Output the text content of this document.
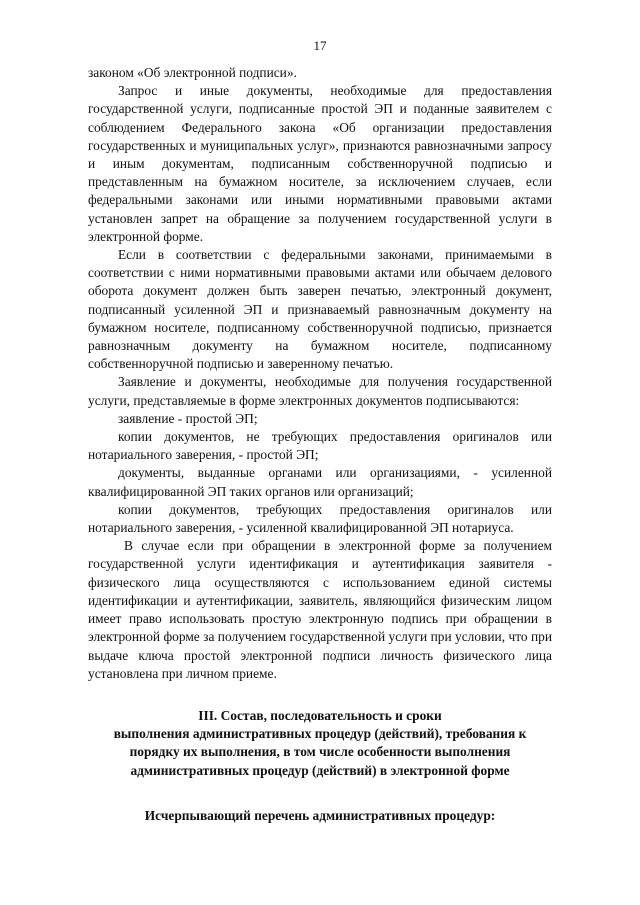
17

законом «Об электронной подписи».

Запрос и иные документы, необходимые для предоставления государственной услуги, подписанные простой ЭП и поданные заявителем с соблюдением Федерального закона «Об организации предоставления государственных и муниципальных услуг», признаются равнозначными запросу и иным документам, подписанным собственноручной подписью и представленным на бумажном носителе, за исключением случаев, если федеральными законами или иными нормативными правовыми актами установлен запрет на обращение за получением государственной услуги в электронной форме.

Если в соответствии с федеральными законами, принимаемыми в соответствии с ними нормативными правовыми актами или обычаем делового оборота документ должен быть заверен печатью, электронный документ, подписанный усиленной ЭП и признаваемый равнозначным документу на бумажном носителе, подписанному собственноручной подписью, признается равнозначным документу на бумажном носителе, подписанному собственноручной подписью и заверенному печатью.

Заявление и документы, необходимые для получения государственной услуги, представляемые в форме электронных документов подписываются:

заявление - простой ЭП;

копии документов, не требующих предоставления оригиналов или нотариального заверения, - простой ЭП;

документы, выданные органами или организациями, - усиленной квалифицированной ЭП таких органов или организаций;

копии документов, требующих предоставления оригиналов или нотариального заверения, - усиленной квалифицированной ЭП нотариуса.

В случае если при обращении в электронной форме за получением государственной услуги идентификация и аутентификация заявителя - физического лица осуществляются с использованием единой системы идентификации и аутентификации, заявитель, являющийся физическим лицом имеет право использовать простую электронную подпись при обращении в электронной форме за получением государственной услуги при условии, что при выдаче ключа простой электронной подписи личность физического лица установлена при личном приеме.

III. Состав, последовательность и сроки
выполнения административных процедур (действий), требования к
порядку их выполнения, в том числе особенности выполнения
административных процедур (действий) в электронной форме
Исчерпывающий перечень административных процедур:
